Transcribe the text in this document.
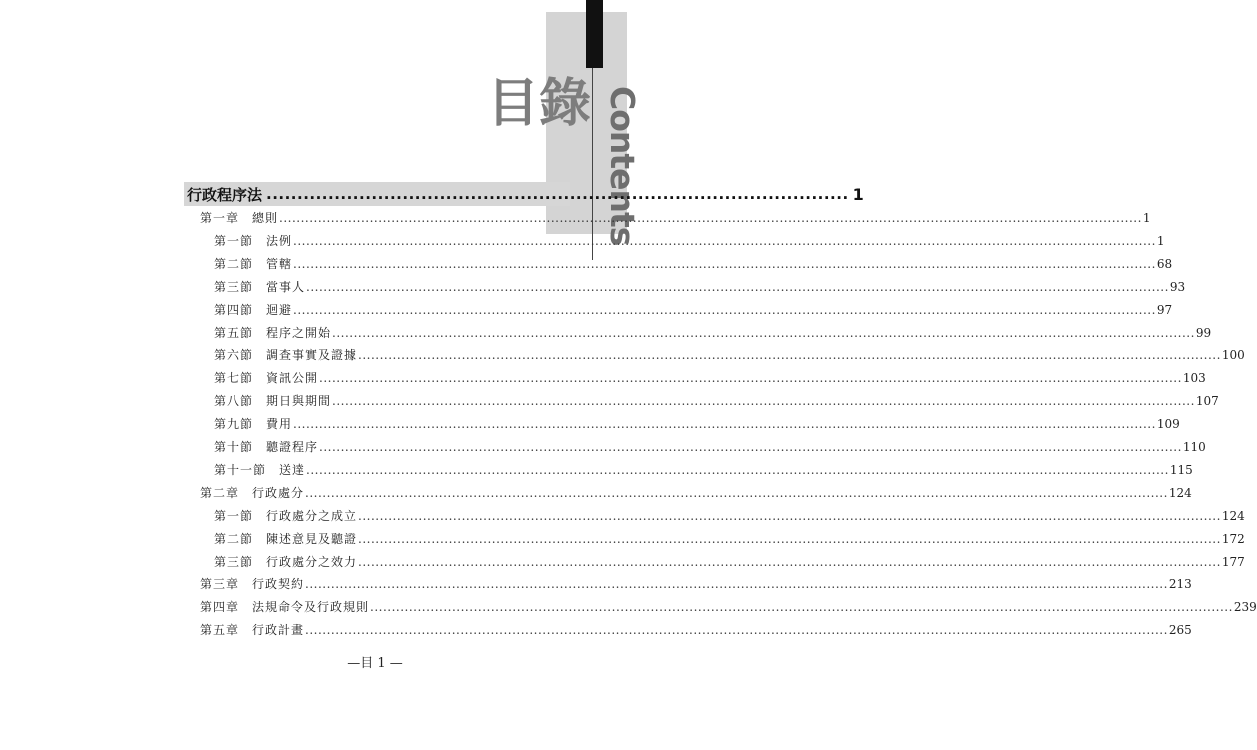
目錄 Contents
行政程序法 .............................................................................................. 1
第一章　總則 ........................................................................................................................................................................................................ 1
第一節　法例 ........................................................................................................................................................................................................ 1
第二節　管轄 ........................................................................................................................................................................................................ 68
第三節　當事人 ........................................................................................................................................................................................................ 93
第四節　迴避 ........................................................................................................................................................................................................ 97
第五節　程序之開始 ........................................................................................................................................................................................................ 99
第六節　調查事實及證據 ........................................................................................................................................................................................................ 100
第七節　資訊公開 ........................................................................................................................................................................................................ 103
第八節　期日與期間 ........................................................................................................................................................................................................ 107
第九節　費用 ........................................................................................................................................................................................................ 109
第十節　聽證程序 ........................................................................................................................................................................................................ 110
第十一節　送達 ........................................................................................................................................................................................................ 115
第二章　行政處分 ........................................................................................................................................................................................................ 124
第一節　行政處分之成立 ........................................................................................................................................................................................................ 124
第二節　陳述意見及聽證 ........................................................................................................................................................................................................ 172
第三節　行政處分之效力 ........................................................................................................................................................................................................ 177
第三章　行政契約 ........................................................................................................................................................................................................ 213
第四章　法規命令及行政規則 ........................................................................................................................................................................................................ 239
第五章　行政計畫 ........................................................................................................................................................................................................ 265
—目 1 —
